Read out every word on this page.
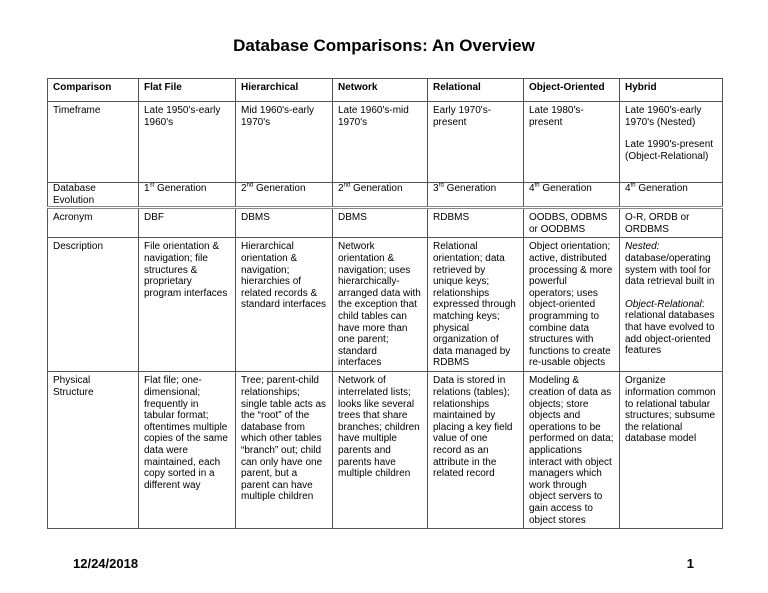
Database Comparisons: An Overview
Comparison	Flat File	Hierarchical	Network	Relational	Object-Oriented	Hybrid
Timeframe	Late 1950's-early 1960's	Mid 1960's-early 1970's	Late 1960's-mid 1970's	Early 1970's-present	Late 1980's-present	Late 1960's-early 1970's (Nested)
Late 1990's-present (Object-Relational)
Database Evolution	1st Generation	2nd Generation	2nd Generation	3rd Generation	4th Generation	4th Generation
Acronym	DBF	DBMS	DBMS	RDBMS	OODBS, ODBMS or OODBMS	O-R, ORDB or ORDBMS
Description	File orientation & navigation; file structures & proprietary program interfaces	Hierarchical orientation & navigation; hierarchies of related records & standard interfaces	Network orientation & navigation; uses hierarchically-arranged data with the exception that child tables can have more than one parent; standard interfaces	Relational orientation; data retrieved by unique keys; relationships expressed through matching keys; physical organization of data managed by RDBMS	Object orientation; active, distributed processing & more powerful operators; uses object-oriented programming to combine data structures with functions to create re-usable objects	Nested: database/operating system with tool for data retrieval built in
Object-Relational: relational databases that have evolved to add object-oriented features
Physical Structure	Flat file; one-dimensional; frequently in tabular format; oftentimes multiple copies of the same data were maintained, each copy sorted in a different way	Tree; parent-child relationships; single table acts as the “root” of the database from which other tables “branch” out; child can only have one parent, but a parent can have multiple children	Network of interrelated lists; looks like several trees that share branches; children have multiple parents and parents have multiple children	Data is stored in relations (tables); relationships maintained by placing a key field value of one record as an attribute in the related record	Modeling & creation of data as objects; store objects and operations to be performed on data; applications interact with object managers which work through object servers to gain access to object stores	Organize information common to relational tabular structures; subsume the relational database model
12/24/2018	1
